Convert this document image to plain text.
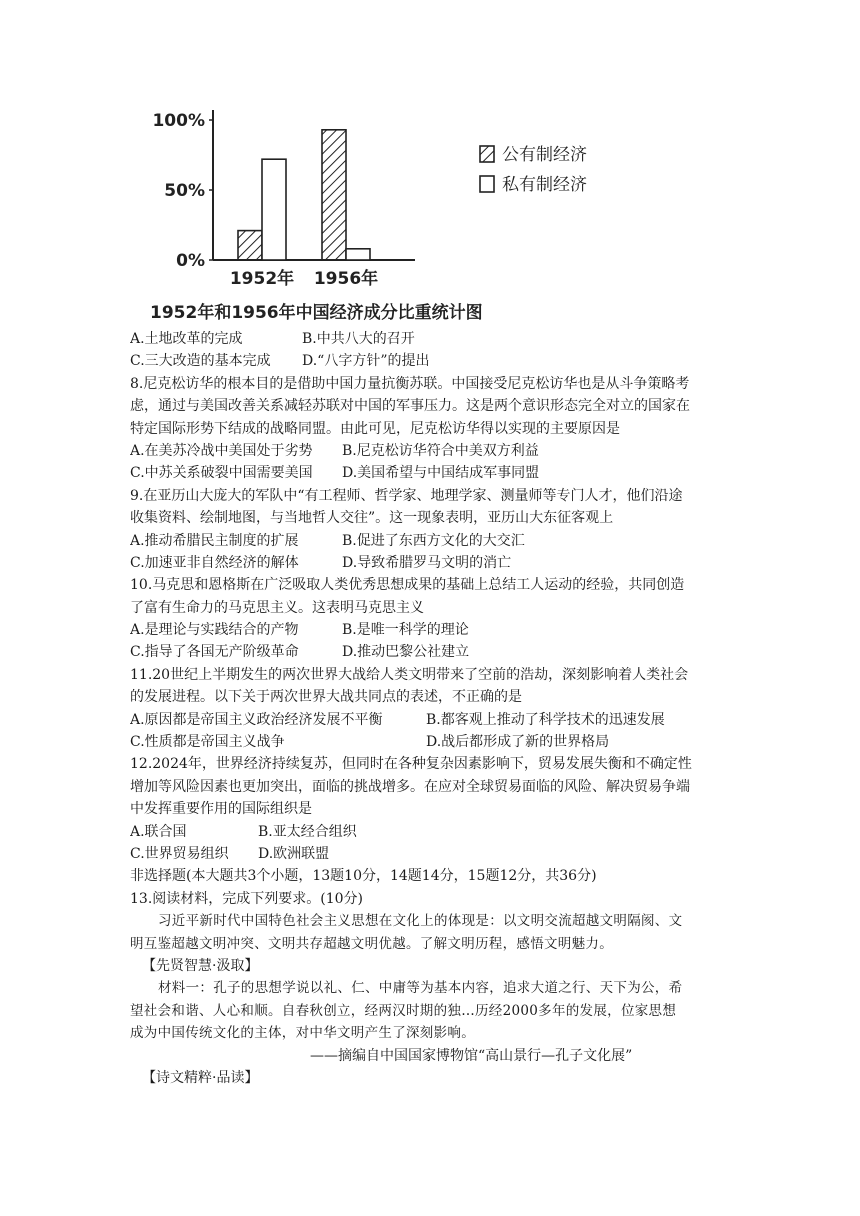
100%
50%
0%
1952年 1956年
公有制经济
私有制经济
1952年和1956年中国经济成分比重统计图
A.土地改革的完成	B.中共八大的召开
C.三大改造的基本完成 D.“八字方针”的提出
8.尼克松访华的根本目的是借助中国力量抗衡苏联。中国接受尼克松访华也是从斗争策略考
虑，通过与美国改善关系减轻苏联对中国的军事压力。这是两个意识形态完全对立的国家在
特定国际形势下结成的战略同盟。由此可见，尼克松访华得以实现的主要原因是
A.在美苏冷战中美国处于劣势 B.尼克松访华符合中美双方利益
C.中苏关系破裂中国需要美国 D.美国希望与中国结成军事同盟
9.在亚历山大庞大的军队中“有工程师、哲学家、地理学家、测量师等专门人才，他们沿途
收集资料、绘制地图，与当地哲人交往”。这一现象表明，亚历山大东征客观上
A.推动希腊民主制度的扩展	B.促进了东西方文化的大交汇
C.加速亚非自然经济的解体	D.导致希腊罗马文明的消亡
10.马克思和恩格斯在广泛吸取人类优秀思想成果的基础上总结工人运动的经验，共同创造
了富有生命力的马克思主义。这表明马克思主义
A.是理论与实践结合的产物	B.是唯一科学的理论
C.指导了各国无产阶级革命	D.推动巴黎公社建立
11.20世纪上半期发生的两次世界大战给人类文明带来了空前的浩劫，深刻影响着人类社会
的发展进程。以下关于两次世界大战共同点的表述，不正确的是
A.原因都是帝国主义政治经济发展不平衡	B.都客观上推动了科学技术的迅速发展
C.性质都是帝国主义战争	D.战后都形成了新的世界格局
12.2024年，世界经济持续复苏，但同时在各种复杂因素影响下，贸易发展失衡和不确定性
增加等风险因素也更加突出，面临的挑战增多。在应对全球贸易面临的风险、解决贸易争端
中发挥重要作用的国际组织是
A.联合国	B.亚太经合组织
C.世界贸易组织 D.欧洲联盟
非选择题(本大题共3个小题，13题10分，14题14分，15题12分，共36分)
13.阅读材料，完成下列要求。(10分)
习近平新时代中国特色社会主义思想在文化上的体现是：以文明交流超越文明隔阂、文
明互鉴超越文明冲突、文明共存超越文明优越。了解文明历程，感悟文明魅力。
【先贤智慧·汲取】
材料一：孔子的思想学说以礼、仁、中庸等为基本内容，追求大道之行、天下为公，希
望社会和谐、人心和顺。自春秋创立，经两汉时期的独…历经2000多年的发展，位家思想
成为中国传统文化的主体，对中华文明产生了深刻影响。
——摘编自中国国家博物馆“高山景行—孔子文化展”
【诗文精粹·品读】
